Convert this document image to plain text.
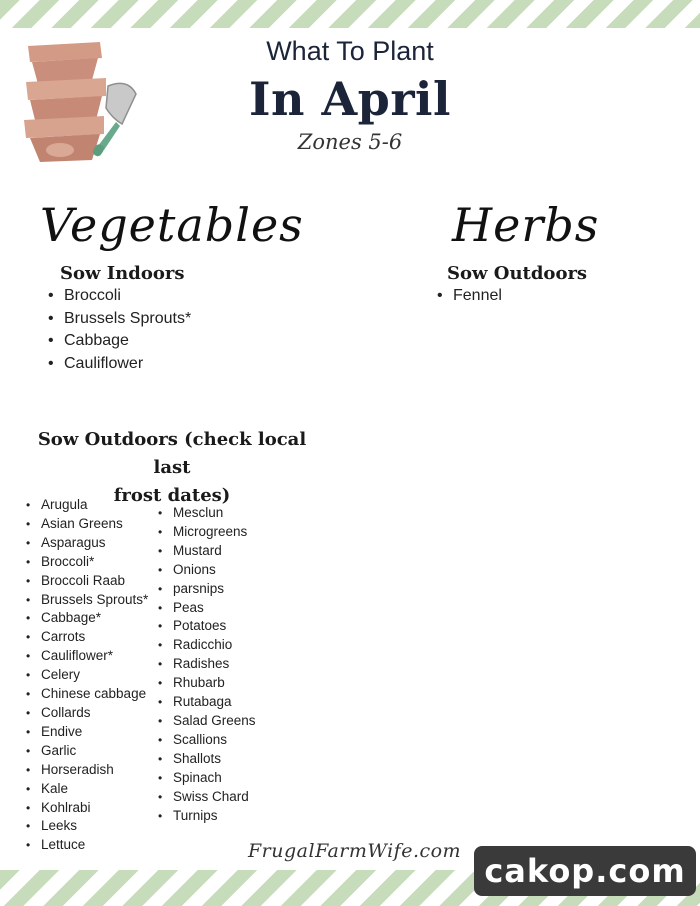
What To Plant
In April
Zones 5-6
Vegetables	Herbs
Sow Indoors	Sow Outdoors
• Broccoli
• Brussels Sprouts*
• Cabbage
• Cauliflower
• Fennel
Sow Outdoors (check local last
frost dates)
• Arugula
• Asian Greens
• Asparagus
• Broccoli*
• Broccoli Raab
• Brussels Sprouts*
• Cabbage*
• Carrots
• Cauliflower*
• Celery
• Chinese cabbage
• Collards
• Endive
• Garlic
• Horseradish
• Kale
• Kohlrabi
• Leeks
• Lettuce
• Mesclun
• Microgreens
• Mustard
• Onions
• parsnips
• Peas
• Potatoes
• Radicchio
• Radishes
• Rhubarb
• Rutabaga
• Salad Greens
• Scallions
• Shallots
• Spinach
• Swiss Chard
• Turnips
FrugalFarmWife.com
cakop.com
